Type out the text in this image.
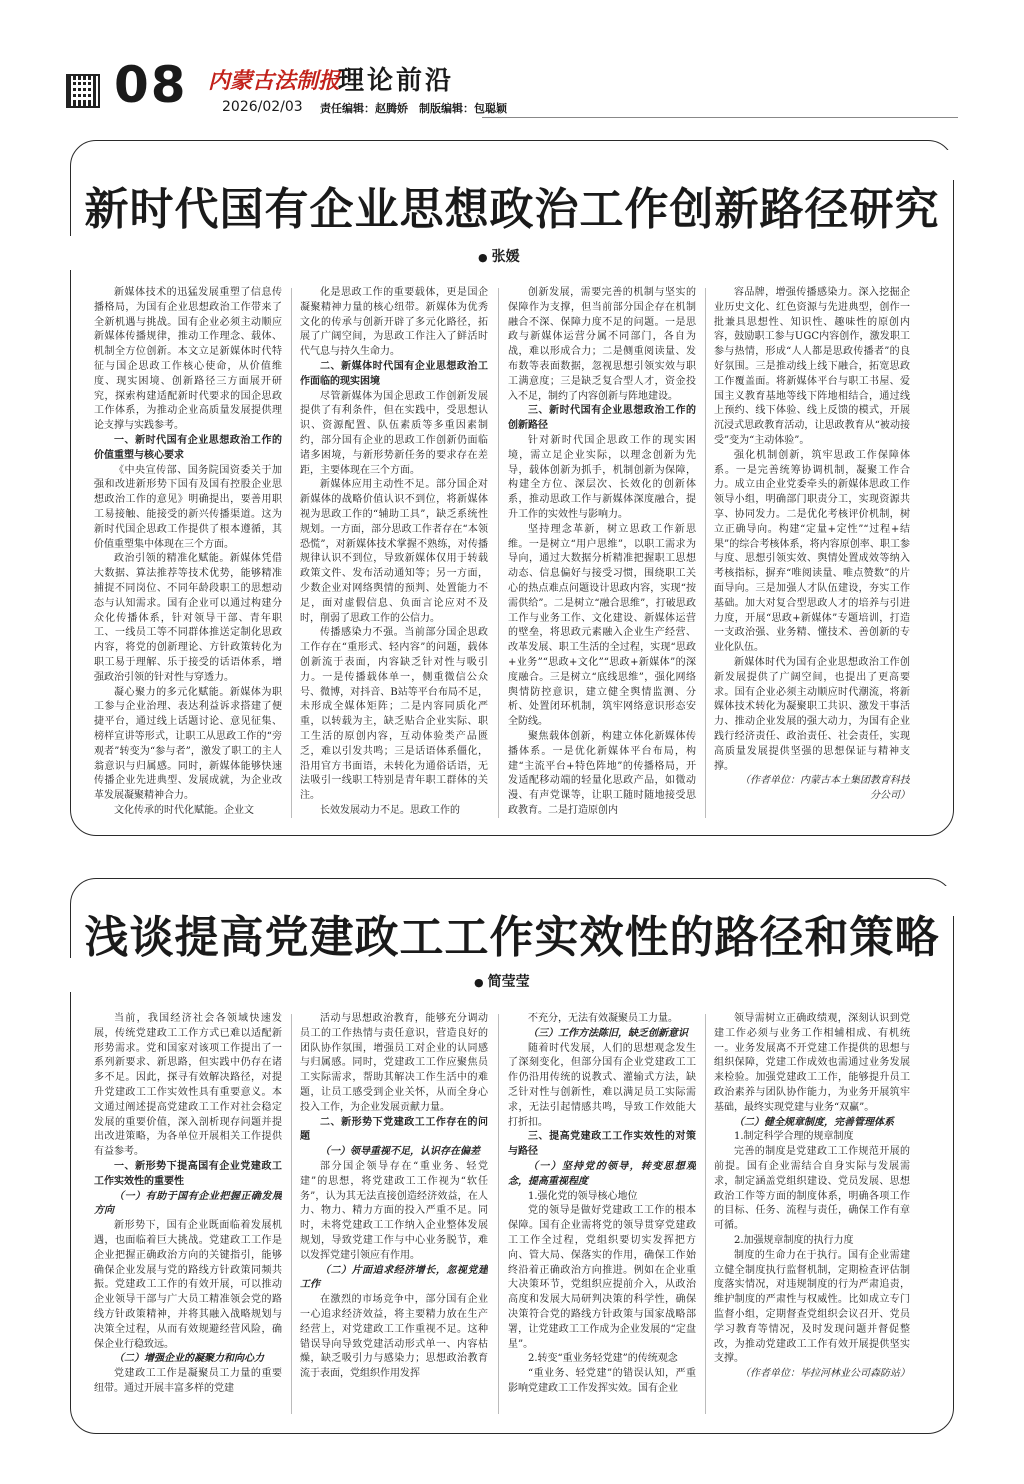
08 内蒙古法制报
2026/02/03
理论前沿
责任编辑：赵腾娇　制版编辑：包聪颖
新时代国有企业思想政治工作创新路径研究
● 张媛

新媒体技术的迅猛发展重塑了信息传播格局，为国有企业思想政治工作带来了全新机遇与挑战。国有企业必须主动顺应新媒体传播规律，推动工作理念、载体、机制全方位创新。本文立足新媒体时代特征与国企思政工作核心使命，从价值维度、现实困境、创新路径三方面展开研究，探索构建适配新时代要求的国企思政工作体系，为推动企业高质量发展提供理论支撑与实践参考。

一、新时代国有企业思想政治工作的价值重塑与核心要求

《中央宣传部、国务院国资委关于加强和改进新形势下国有及国有控股企业思想政治工作的意见》明确提出，要善用职工易接触、能接受的新兴传播渠道。这为新时代国企思政工作提供了根本遵循，其价值重塑集中体现在三个方面。

政治引领的精准化赋能。新媒体凭借大数据、算法推荐等技术优势，能够精准捕捉不同岗位、不同年龄段职工的思想动态与认知需求。国有企业可以通过构建分众化传播体系，针对领导干部、青年职工、一线员工等不同群体推送定制化思政内容，将党的创新理论、方针政策转化为职工易于理解、乐于接受的话语体系，增强政治引领的针对性与穿透力。

凝心聚力的多元化赋能。新媒体为职工参与企业治理、表达利益诉求搭建了便捷平台，通过线上话题讨论、意见征集、榜样宣讲等形式，让职工从思政工作的“旁观者”转变为“参与者”，激发了职工的主人翁意识与归属感。同时，新媒体能够快速传播企业先进典型、发展成就，为企业改革发展凝聚精神合力。

文化传承的时代化赋能。企业文

化是思政工作的重要载体，更是国企凝聚精神力量的核心纽带。新媒体为优秀文化的传承与创新开辟了多元化路径，拓展了广阔空间，为思政工作注入了鲜活时代气息与持久生命力。

二、新媒体时代国有企业思想政治工作面临的现实困境

尽管新媒体为国企思政工作创新发展提供了有利条件，但在实践中，受思想认识、资源配置、队伍素质等多重因素制约，部分国有企业的思政工作创新仍面临诸多困境，与新形势新任务的要求存在差距，主要体现在三个方面。

新媒体应用主动性不足。部分国企对新媒体的战略价值认识不到位，将新媒体视为思政工作的“辅助工具”，缺乏系统性规划。一方面，部分思政工作者存在“本领恐慌”，对新媒体技术掌握不熟练，对传播规律认识不到位，导致新媒体仅用于转载政策文件、发布活动通知等；另一方面，少数企业对网络舆情的预判、处置能力不足，面对虚假信息、负面言论应对不及时，削弱了思政工作的公信力。

传播感染力不强。当前部分国企思政工作存在“重形式、轻内容”的问题，载体创新流于表面，内容缺乏针对性与吸引力。一是传播载体单一，侧重微信公众号、微博，对抖音、B站等平台布局不足，未形成全媒体矩阵；二是内容同质化严重，以转载为主，缺乏贴合企业实际、职工生活的原创内容，互动体验类产品匮乏，难以引发共鸣；三是话语体系僵化，沿用官方书面语，未转化为通俗话语，无法吸引一线职工特别是青年职工群体的关注。

长效发展动力不足。思政工作的

创新发展，需要完善的机制与坚实的保障作为支撑，但当前部分国企存在机制融合不深、保障力度不足的问题。一是思政与新媒体运营分属不同部门，各自为战，难以形成合力；二是侧重阅读量、发布数等表面数据，忽视思想引领实效与职工满意度；三是缺乏复合型人才，资金投入不足，制约了内容创新与阵地建设。

三、新时代国有企业思想政治工作的创新路径

针对新时代国企思政工作的现实困境，需立足企业实际，以理念创新为先导，载体创新为抓手，机制创新为保障，构建全方位、深层次、长效化的创新体系，推动思政工作与新媒体深度融合，提升工作的实效性与影响力。

坚持理念革新，树立思政工作新思维。一是树立“用户思维”，以职工需求为导向，通过大数据分析精准把握职工思想动态、信息偏好与接受习惯，围绕职工关心的热点难点问题设计思政内容，实现“按需供给”。二是树立“融合思维”，打破思政工作与业务工作、文化建设、新媒体运营的壁垒，将思政元素融入企业生产经营、改革发展、职工生活的全过程，实现“思政+业务”“思政+文化”“思政+新媒体”的深度融合。三是树立“底线思维”，强化网络舆情防控意识，建立健全舆情监测、分析、处置闭环机制，筑牢网络意识形态安全防线。

聚焦载体创新，构建立体化新媒体传播体系。一是优化新媒体平台布局，构建“主流平台+特色阵地”的传播格局，开发适配移动端的轻量化思政产品，如微动漫、有声党课等，让职工随时随地接受思政教育。二是打造原创内

容品牌，增强传播感染力。深入挖掘企业历史文化、红色资源与先进典型，创作一批兼具思想性、知识性、趣味性的原创内容，鼓励职工参与UGC内容创作，激发职工参与热情，形成“人人都是思政传播者”的良好氛围。三是推动线上线下融合，拓宽思政工作覆盖面。将新媒体平台与职工书屋、爱国主义教育基地等线下阵地相结合，通过线上预约、线下体验、线上反馈的模式，开展沉浸式思政教育活动，让思政教育从“被动接受”变为“主动体验”。

强化机制创新，筑牢思政工作保障体系。一是完善统筹协调机制，凝聚工作合力。成立由企业党委牵头的新媒体思政工作领导小组，明确部门职责分工，实现资源共享、协同发力。二是优化考核评价机制，树立正确导向。构建“定量+定性”“过程+结果”的综合考核体系，将内容原创率、职工参与度、思想引领实效、舆情处置成效等纳入考核指标，摒弃“唯阅读量、唯点赞数”的片面导向。三是加强人才队伍建设，夯实工作基础。加大对复合型思政人才的培养与引进力度，开展“思政+新媒体”专题培训，打造一支政治强、业务精、懂技术、善创新的专业化队伍。

新媒体时代为国有企业思想政治工作创新发展提供了广阔空间，也提出了更高要求。国有企业必须主动顺应时代潮流，将新媒体技术转化为凝聚职工共识、激发干事活力、推动企业发展的强大动力，为国有企业践行经济责任、政治责任、社会责任，实现高质量发展提供坚强的思想保证与精神支撑。

（作者单位：内蒙古本土集团教育科技分公司）

浅谈提高党建政工工作实效性的路径和策略
● 简莹莹

当前，我国经济社会各领域快速发展，传统党建政工工作方式已难以适配新形势需求。党和国家对该项工作提出了一系列新要求、新思路，但实践中仍存在诸多不足。因此，探寻有效解决路径，对提升党建政工工作实效性具有重要意义。本文通过阐述提高党建政工工作对社会稳定发展的重要价值，深入剖析现存问题并提出改进策略，为各单位开展相关工作提供有益参考。

一、新形势下提高国有企业党建政工工作实效性的重要性

（一）有助于国有企业把握正确发展方向

新形势下，国有企业既面临着发展机遇，也面临着巨大挑战。党建政工工作是企业把握正确政治方向的关键指引，能够确保企业发展与党的路线方针政策同频共振。党建政工工作的有效开展，可以推动企业领导干部与广大员工精准领会党的路线方针政策精神，并将其融入战略规划与决策全过程，从而有效规避经营风险，确保企业行稳致远。

（二）增强企业的凝聚力和向心力

党建政工工作是凝聚员工力量的重要纽带。通过开展丰富多样的党建

活动与思想政治教育，能够充分调动员工的工作热情与责任意识，营造良好的团队协作氛围，增强员工对企业的认同感与归属感。同时，党建政工工作应聚焦员工实际需求，帮助其解决工作生活中的难题，让员工感受到企业关怀，从而全身心投入工作，为企业发展贡献力量。

二、新形势下党建政工工作存在的问题

（一）领导重视不足，认识存在偏差

部分国企领导存在“重业务、轻党建”的思想，将党建政工工作视为“软任务”，认为其无法直接创造经济效益，在人力、物力、精力方面的投入严重不足。同时，未将党建政工工作纳入企业整体发展规划，导致党建工作与中心业务脱节，难以发挥党建引领应有作用。

（二）片面追求经济增长，忽视党建工作

在激烈的市场竞争中，部分国有企业一心追求经济效益，将主要精力放在生产经营上，对党建政工工作重视不足。这种错误导向导致党建活动形式单一、内容枯燥，缺乏吸引力与感染力；思想政治教育流于表面，党组织作用发挥

不充分，无法有效凝聚员工力量。

（三）工作方法陈旧，缺乏创新意识

随着时代发展，人们的思想观念发生了深刻变化，但部分国有企业党建政工工作仍沿用传统的说教式、灌输式方法，缺乏针对性与创新性，难以满足员工实际需求，无法引起情感共鸣，导致工作效能大打折扣。

三、提高党建政工工作实效性的对策与路径

（一）坚持党的领导，转变思想观念，提高重视程度

1.强化党的领导核心地位

党的领导是做好党建政工工作的根本保障。国有企业需将党的领导贯穿党建政工工作全过程，党组织要切实发挥把方向、管大局、保落实的作用，确保工作始终沿着正确政治方向推进。例如在企业重大决策环节，党组织应提前介入，从政治高度和发展大局研判决策的科学性，确保决策符合党的路线方针政策与国家战略部署，让党建政工工作成为企业发展的“定盘星”。

2.转变“重业务轻党建”的传统观念

“重业务、轻党建”的错误认知，严重影响党建政工工作发挥实效。国有企业

领导需树立正确政绩观，深刻认识到党建工作必须与业务工作相辅相成、有机统一。业务发展离不开党建工作提供的思想与组织保障，党建工作成效也需通过业务发展来检验。加强党建政工工作，能够提升员工政治素养与团队协作能力，为业务开展筑牢基础，最终实现党建与业务“双赢”。

（二）健全规章制度，完善管理体系

1.制定科学合理的规章制度

完善的制度是党建政工工作规范开展的前提。国有企业需结合自身实际与发展需求，制定涵盖党组织建设、党员发展、思想政治工作等方面的制度体系，明确各项工作的目标、任务、流程与责任，确保工作有章可循。

2.加强规章制度的执行力度

制度的生命力在于执行。国有企业需建立健全制度执行监督机制，定期检查评估制度落实情况，对违规制度的行为严肃追责，维护制度的严肃性与权威性。比如成立专门监督小组，定期督查党组织会议召开、党员学习教育等情况，及时发现问题并督促整改，为推动党建政工工作有效开展提供坚实支撑。

（作者单位：毕拉河林业公司森防站）
